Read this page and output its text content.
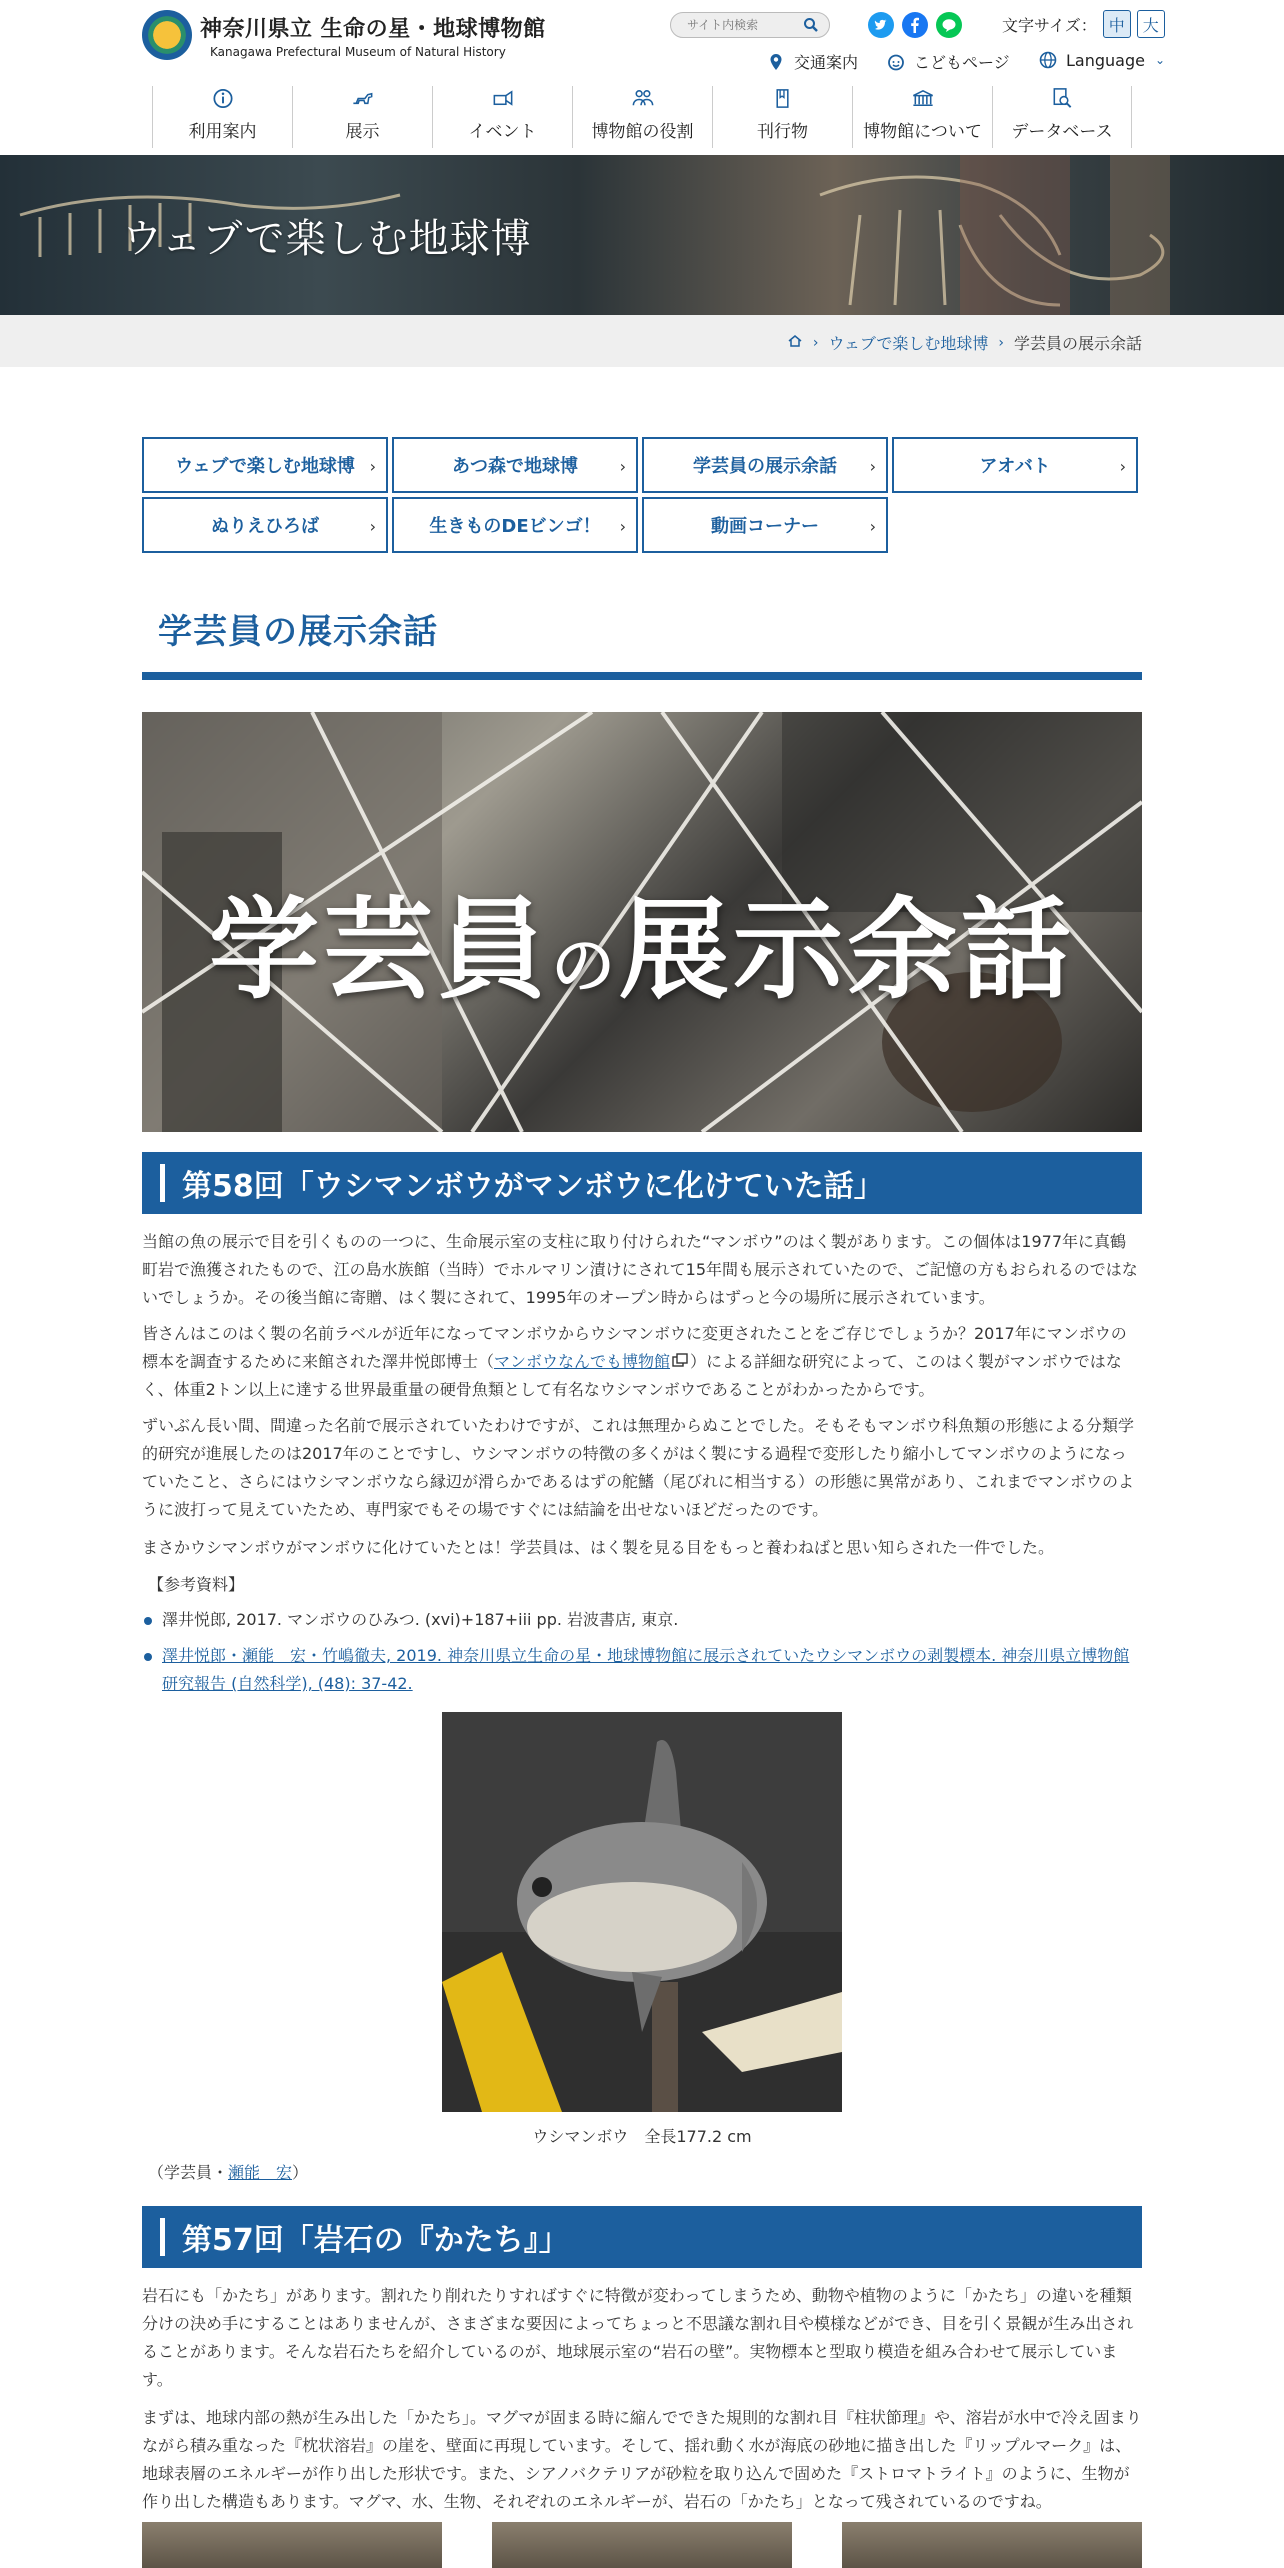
神奈川県立 生命の星・地球博物館
Kanagawa Prefectural Museum of Natural History
サイト内検索
文字サイズ： 中	大
交通案内	こどもページ	Language ⌄
利用案内	展示	イベント	博物館の役割	刊行物	博物館について データベース
ウェブで楽しむ地球博
› ウェブで楽しむ地球博 › 学芸員の展示余話
ウェブで楽しむ地球博 ›	あつ森で地球博	›	学芸員の展示余話 ›	アオバト	›
ぬりえひろば	›	生きものDEビンゴ！ ›	動画コーナー	›
学芸員の展示余話
学芸員の展示余話
第58回「ウシマンボウがマンボウに化けていた話」

当館の魚の展示で目を引くものの一つに、生命展示室の支柱に取り付けられた“マンボウ”のはく製があります。この個体は1977年に真鶴町岩で漁獲されたもので、江の島水族館（当時）でホルマリン漬けにされて15年間も展示されていたので、ご記憶の方もおられるのではないでしょうか。その後当館に寄贈、はく製にされて、1995年のオープン時からはずっと今の場所に展示されています。

皆さんはこのはく製の名前ラベルが近年になってマンボウからウシマンボウに変更されたことをご存じでしょうか？2017年にマンボウの標本を調査するために来館された澤井悦郎博士（マンボウなんでも博物館 ）による詳細な研究によって、このはく製がマンボウではなく、体重2トン以上に達する世界最重量の硬骨魚類として有名なウシマンボウであることがわかったからです。

ずいぶん長い間、間違った名前で展示されていたわけですが、これは無理からぬことでした。そもそもマンボウ科魚類の形態による分類学的研究が進展したのは2017年のことですし、ウシマンボウの特徴の多くがはく製にする過程で変形したり縮小してマンボウのようになっていたこと、さらにはウシマンボウなら縁辺が滑らかであるはずの舵鰭（尾びれに相当する）の形態に異常があり、これまでマンボウのように波打って見えていたため、専門家でもその場ですぐには結論を出せないほどだったのです。

まさかウシマンボウがマンボウに化けていたとは！学芸員は、はく製を見る目をもっと養わねばと思い知らされた一件でした。

【参考資料】
澤井悦郎, 2017. マンボウのひみつ. (xvi)+187+iii pp. 岩波書店, 東京.
澤井悦郎・瀬能　宏・竹嶋徹夫, 2019. 神奈川県立生命の星・地球博物館に展示されていたウシマンボウの剥製標本. 神奈川県立博物館研究報告 (自然科学), (48): 37-42.
ウシマンボウ　全長177.2 cm
（学芸員・瀬能　宏）
第57回「岩石の『かたち』」

岩石にも「かたち」があります。割れたり削れたりすればすぐに特徴が変わってしまうため、動物や植物のように「かたち」の違いを種類分けの決め手にすることはありませんが、さまざまな要因によってちょっと不思議な割れ目や模様などができ、目を引く景観が生み出されることがあります。そんな岩石たちを紹介しているのが、地球展示室の“岩石の壁”。実物標本と型取り模造を組み合わせて展示しています。

まずは、地球内部の熱が生み出した「かたち」。マグマが固まる時に縮んでできた規則的な割れ目『柱状節理』や、溶岩が水中で冷え固まりながら積み重なった『枕状溶岩』の崖を、壁面に再現しています。そして、揺れ動く水が海底の砂地に描き出した『リップルマーク』は、地球表層のエネルギーが作り出した形状です。また、シアノバクテリアが砂粒を取り込んで固めた『ストロマトライト』のように、生物が作り出した構造もあります。マグマ、水、生物、それぞれのエネルギーが、岩石の「かたち」となって残されているのですね。
